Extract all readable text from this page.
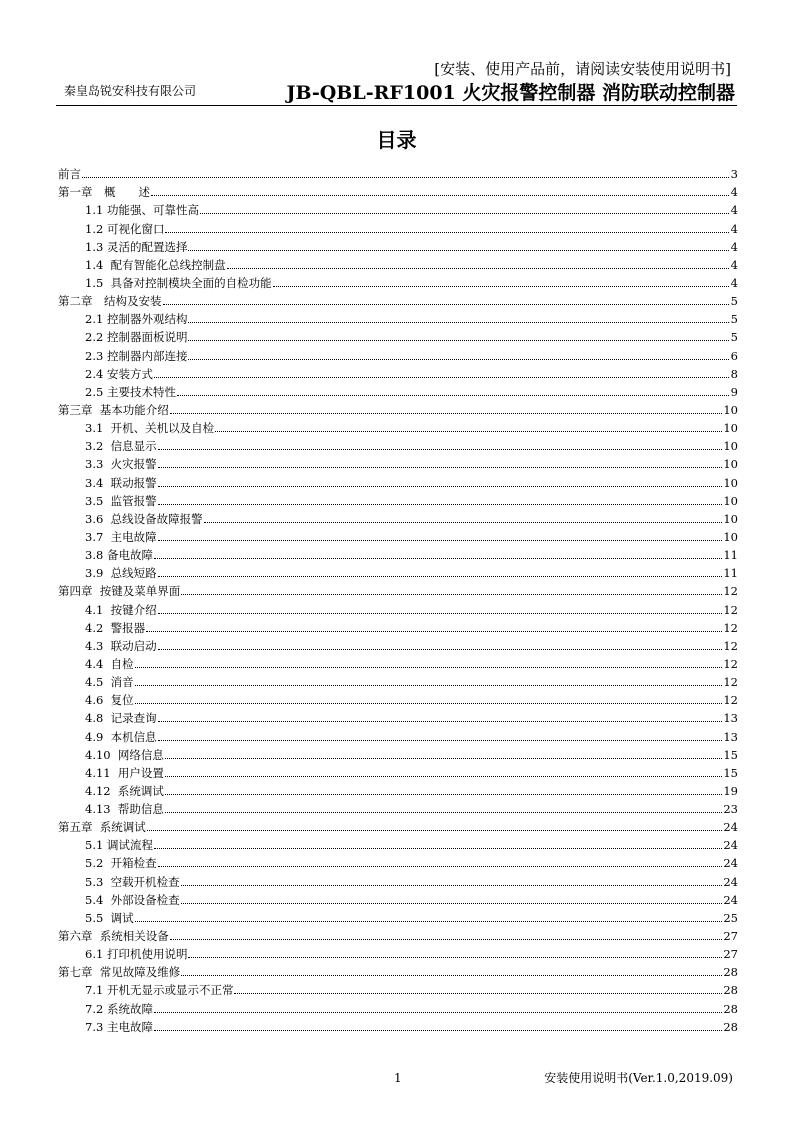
[安装、使用产品前，请阅读安装使用说明书]
秦皇岛锐安科技有限公司	JB-QBL-RF1001 火灾报警控制器 消防联动控制器
目录
前言	3
第一章　概　　述	4
1.1 功能强、可靠性高	4
1.2 可视化窗口	4
1.3 灵活的配置选择	4
1.4  配有智能化总线控制盘	4
1.5  具备对控制模块全面的自检功能	4
第二章　结构及安装	5
2.1 控制器外观结构	5
2.2 控制器面板说明	5
2.3 控制器内部连接	6
2.4 安装方式	8
2.5 主要技术特性	9
第三章  基本功能介绍	10
3.1  开机、关机以及自检	10
3.2  信息显示	10
3.3  火灾报警	10
3.4  联动报警	10
3.5  监管报警	10
3.6  总线设备故障报警	10
3.7  主电故障	10
3.8 备电故障	11
3.9  总线短路	11
第四章  按键及菜单界面	12
4.1  按键介绍	12
4.2  警报器	12
4.3  联动启动	12
4.4  自检	12
4.5  消音	12
4.6  复位	12
4.8  记录查询	13
4.9  本机信息	13
4.10  网络信息	15
4.11  用户设置	15
4.12  系统调试	19
4.13  帮助信息	23
第五章  系统调试	24
5.1 调试流程	24
5.2  开箱检查	24
5.3  空载开机检查	24
5.4  外部设备检查	24
5.5  调试	25
第六章  系统相关设备	27
6.1 打印机使用说明	27
第七章  常见故障及维修	28
7.1 开机无显示或显示不正常	28
7.2 系统故障	28
7.3 主电故障	28
1	安装使用说明书(Ver.1.0,2019.09)
